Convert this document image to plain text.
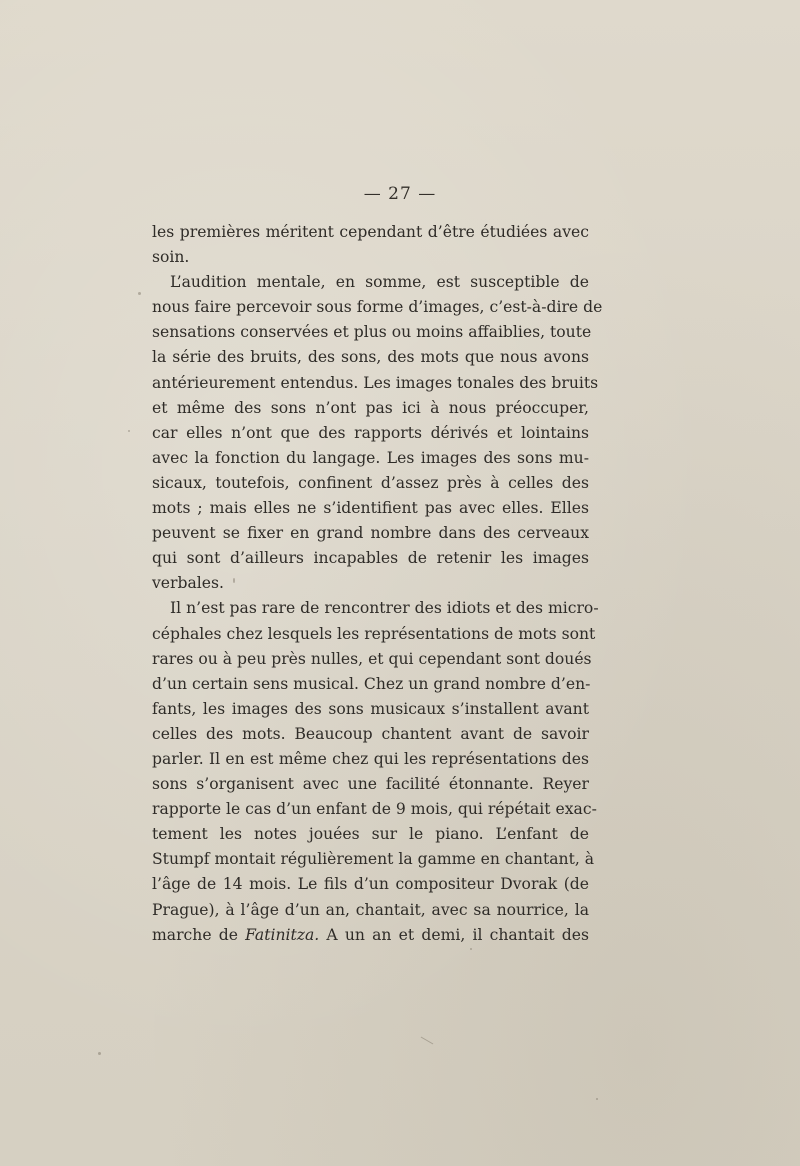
— 27 —
les premières méritent cependant d’être étudiées avec
soin.
L’audition mentale, en somme, est susceptible de
nous faire percevoir sous forme d’images, c’est-à-dire de
sensations conservées et plus ou moins affaiblies, toute
la série des bruits, des sons, des mots que nous avons
antérieurement entendus. Les images tonales des bruits
et même des sons n’ont pas ici à nous préoccuper,
car elles n’ont que des rapports dérivés et lointains
avec la fonction du langage. Les images des sons mu-
sicaux, toutefois, confinent d’assez près à celles des
mots ; mais elles ne s’identifient pas avec elles. Elles
peuvent se fixer en grand nombre dans des cerveaux
qui sont d’ailleurs incapables de retenir les images
verbales.
Il n’est pas rare de rencontrer des idiots et des micro-
céphales chez lesquels les représentations de mots sont
rares ou à peu près nulles, et qui cependant sont doués
d’un certain sens musical. Chez un grand nombre d’en-
fants, les images des sons musicaux s’installent avant
celles des mots. Beaucoup chantent avant de savoir
parler. Il en est même chez qui les représentations des
sons s’organisent avec une facilité étonnante. Reyer
rapporte le cas d’un enfant de 9 mois, qui répétait exac-
tement les notes jouées sur le piano. L’enfant de
Stumpf montait régulièrement la gamme en chantant, à
l’âge de 14 mois. Le fils d’un compositeur Dvorak (de
Prague), à l’âge d’un an, chantait, avec sa nourrice, la
marche de Fatinitza. A un an et demi, il chantait des
